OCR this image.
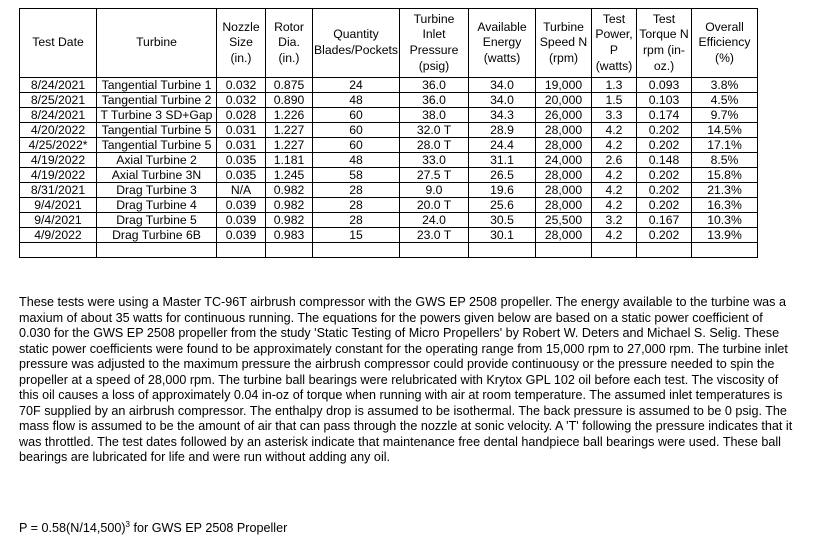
Test Date	Turbine	Nozzle Size (in.)	Rotor Dia. (in.)	Quantity Blades/Pockets	Turbine Inlet Pressure (psig)	Available Energy (watts)	Turbine Speed N (rpm)	Test Power, P (watts)	Test Torque N rpm (in-oz.)	Overall Efficiency (%)
8/24/2021	Tangential Turbine 1	0.032	0.875	24	36.0	34.0	19,000	1.3	0.093	3.8%
8/25/2021	Tangential Turbine 2	0.032	0.890	48	36.0	34.0	20,000	1.5	0.103	4.5%
8/24/2021	T Turbine 3 SD+Gap	0.028	1.226	60	38.0	34.3	26,000	3.3	0.174	9.7%
4/20/2022	Tangential Turbine 5	0.031	1.227	60	32.0 T	28.9	28,000	4.2	0.202	14.5%
4/25/2022*	Tangential Turbine 5	0.031	1.227	60	28.0 T	24.4	28,000	4.2	0.202	17.1%
4/19/2022	Axial Turbine 2	0.035	1.181	48	33.0	31.1	24,000	2.6	0.148	8.5%
4/19/2022	Axial Turbine 3N	0.035	1.245	58	27.5 T	26.5	28,000	4.2	0.202	15.8%
8/31/2021	Drag Turbine 3	N/A	0.982	28	9.0	19.6	28,000	4.2	0.202	21.3%
9/4/2021	Drag Turbine 4	0.039	0.982	28	20.0 T	25.6	28,000	4.2	0.202	16.3%
9/4/2021	Drag Turbine 5	0.039	0.982	28	24.0	30.5	25,500	3.2	0.167	10.3%
4/9/2022	Drag Turbine 6B	0.039	0.983	15	23.0 T	30.1	28,000	4.2	0.202	13.9%

These tests were using a Master TC-96T airbrush compressor with the GWS EP 2508 propeller. The energy available to the turbine was a maxium of about 35 watts for continuous running. The equations for the powers given below are based on a static power coefficient of 0.030 for the GWS EP 2508 propeller from the study 'Static Testing of Micro Propellers' by Robert W. Deters and Michael S. Selig. These static power coefficients were found to be approximately constant for the operating range from 15,000 rpm to 27,000 rpm. The turbine inlet pressure was adjusted to the maximum pressure the airbrush compressor could provide continuousy or the pressure needed to spin the propeller at a speed of 28,000 rpm. The turbine ball bearings were relubricated with Krytox GPL 102 oil before each test. The viscosity of this oil causes a loss of approximately 0.04 in-oz of torque when running with air at room temperature. The assumed inlet temperatures is 70F supplied by an airbrush compressor. The enthalpy drop is assumed to be isothermal. The back pressure is assumed to be 0 psig. The mass flow is assumed to be the amount of air that can pass through the nozzle at sonic velocity. A 'T' following the pressure indicates that it was throttled. The test dates followed by an asterisk indicate that maintenance free dental handpiece ball bearings were used. These ball bearings are lubricated for life and were run without adding any oil.
$P = 0.58(N/14,500)^3$ for GWS EP 2508 Propeller
